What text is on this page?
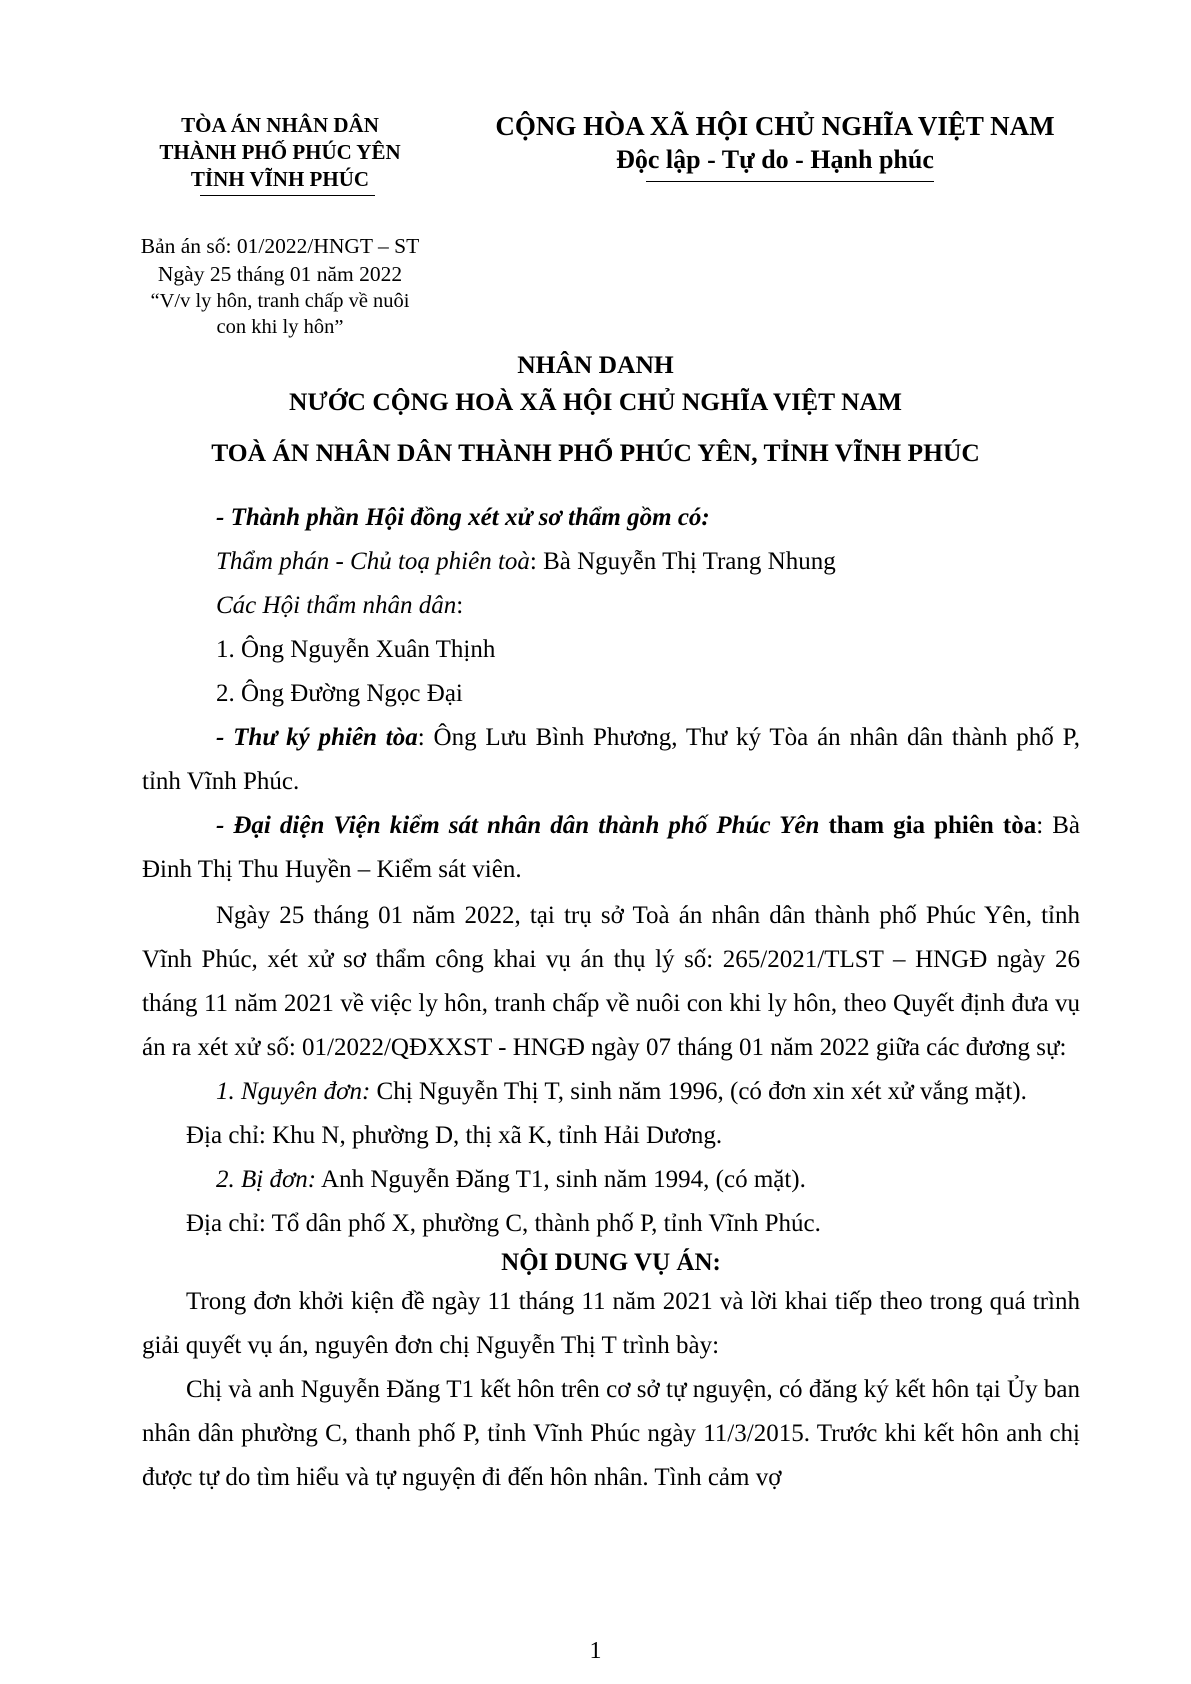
TÒA ÁN NHÂN DÂN
THÀNH PHỐ PHÚC YÊN
TỈNH VĨNH PHÚC
CỘNG HÒA XÃ HỘI CHỦ NGHĨA VIỆT NAM
Độc lập - Tự do - Hạnh phúc
Bản án số: 01/2022/HNGT – ST
Ngày 25 tháng 01 năm 2022
“V/v ly hôn, tranh chấp về nuôi
con khi ly hôn”
NHÂN DANH
NƯỚC CỘNG HOÀ XÃ HỘI CHỦ NGHĨA VIỆT NAM
TOÀ ÁN NHÂN DÂN THÀNH PHỐ PHÚC YÊN, TỈNH VĨNH PHÚC

- Thành phần Hội đồng xét xử sơ thẩm gồm có:

Thẩm phán - Chủ toạ phiên toà: Bà Nguyễn Thị Trang Nhung

Các Hội thẩm nhân dân:

1. Ông Nguyễn Xuân Thịnh

2. Ông Đường Ngọc Đại

- Thư ký phiên tòa: Ông Lưu Bình Phương, Thư ký Tòa án nhân dân thành phố P, tỉnh Vĩnh Phúc.

- Đại diện Viện kiểm sát nhân dân thành phố Phúc Yên tham gia phiên tòa: Bà Đinh Thị Thu Huyền – Kiểm sát viên.

Ngày 25 tháng 01 năm 2022, tại trụ sở Toà án nhân dân thành phố Phúc Yên, tỉnh Vĩnh Phúc, xét xử sơ thẩm công khai vụ án thụ lý số: 265/2021/TLST – HNGĐ ngày 26 tháng 11 năm 2021 về việc ly hôn, tranh chấp về nuôi con khi ly hôn, theo Quyết định đưa vụ án ra xét xử số: 01/2022/QĐXXST - HNGĐ ngày 07 tháng 01 năm 2022 giữa các đương sự:

1. Nguyên đơn: Chị Nguyễn Thị T, sinh năm 1996, (có đơn xin xét xử vắng mặt).

Địa chỉ: Khu N, phường D, thị xã K, tỉnh Hải Dương.

2. Bị đơn: Anh Nguyễn Đăng T1, sinh năm 1994, (có mặt).

Địa chỉ: Tổ dân phố X, phường C, thành phố P, tỉnh Vĩnh Phúc.

NỘI DUNG VỤ ÁN:

Trong đơn khởi kiện đề ngày 11 tháng 11 năm 2021 và lời khai tiếp theo trong quá trình giải quyết vụ án, nguyên đơn chị Nguyễn Thị T trình bày:

Chị và anh Nguyễn Đăng T1 kết hôn trên cơ sở tự nguyện, có đăng ký kết hôn tại Ủy ban nhân dân phường C, thanh phố P, tỉnh Vĩnh Phúc ngày 11/3/2015. Trước khi kết hôn anh chị được tự do tìm hiểu và tự nguyện đi đến hôn nhân. Tình cảm vợ

1
